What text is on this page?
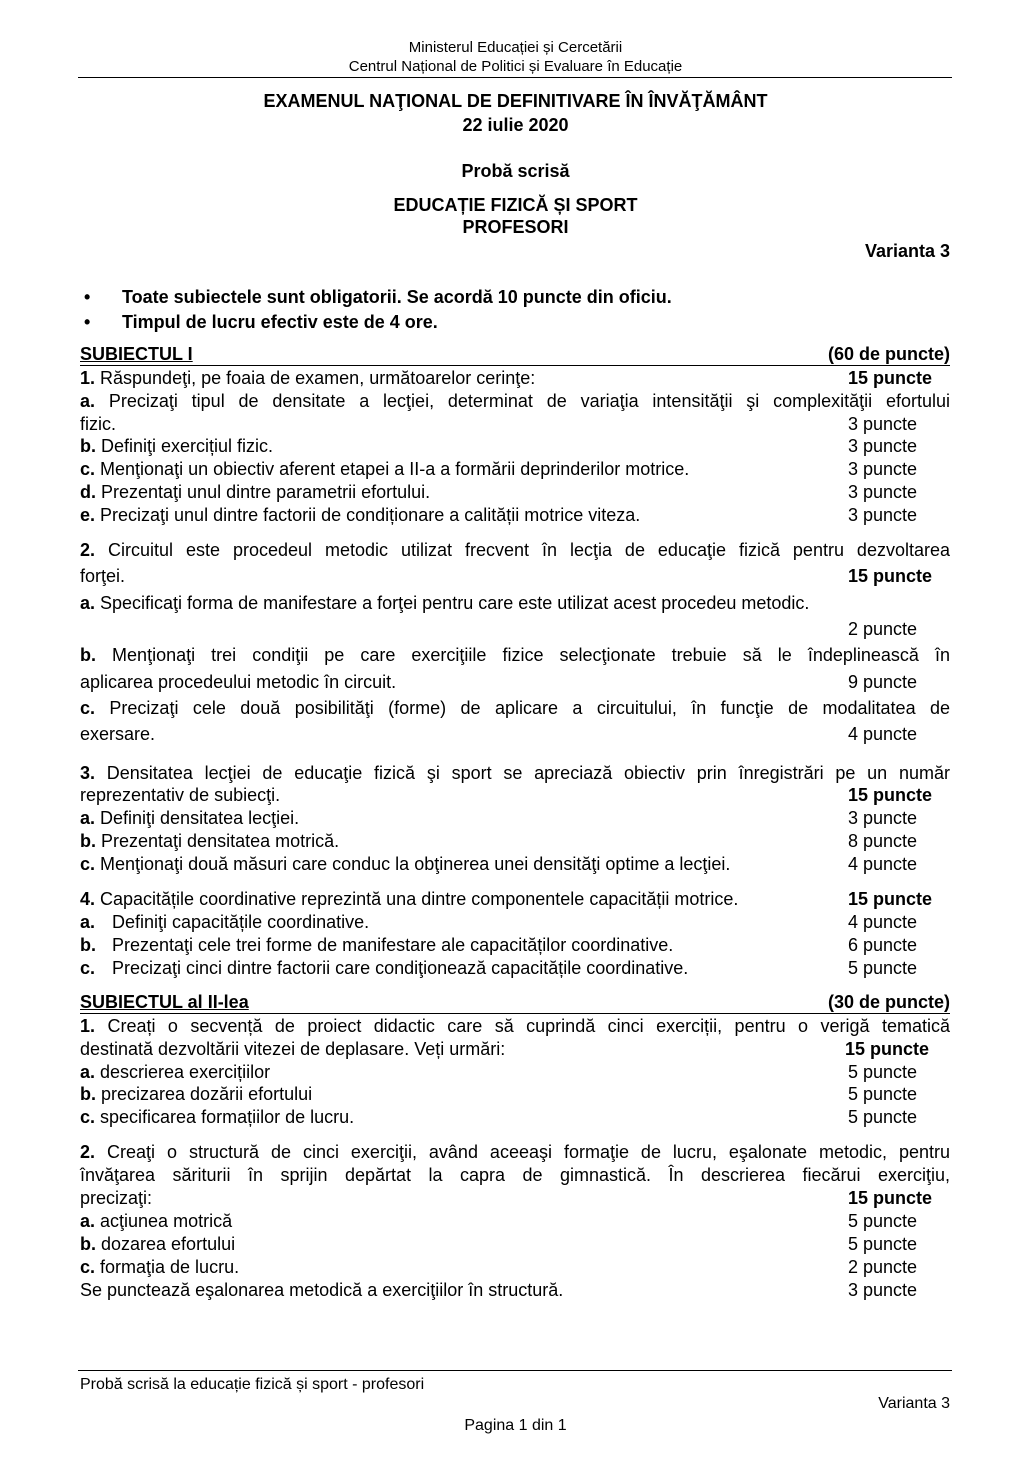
Ministerul Educației și Cercetării
Centrul Național de Politici și Evaluare în Educație
EXAMENUL NAŢIONAL DE DEFINITIVARE ÎN ÎNVĂŢĂMÂNT
22 iulie 2020
Probă scrisă
EDUCAȚIE FIZICĂ ȘI SPORT
PROFESORI
Varianta 3
• Toate subiectele sunt obligatorii. Se acordă 10 puncte din oficiu.
• Timpul de lucru efectiv este de 4 ore.
SUBIECTUL I	(60 de puncte)
1. Răspundeţi, pe foaia de examen, următoarelor cerinţe:	15 puncte
a. Precizaţi tipul de densitate a lecţiei, determinat de variaţia intensităţii şi complexităţii efortului
fizic.	3 puncte
b. Definiţi exercițiul fizic.	3 puncte
c. Menţionaţi un obiectiv aferent etapei a II-a a formării deprinderilor motrice.	3 puncte
d. Prezentaţi unul dintre parametrii efortului.	3 puncte
e. Precizaţi unul dintre factorii de condiționare a calității motrice viteza.	3 puncte
2. Circuitul este procedeul metodic utilizat frecvent în lecţia de educaţie fizică pentru dezvoltarea
forţei.	15 puncte
a. Specificaţi forma de manifestare a forţei pentru care este utilizat acest procedeu metodic.
2 puncte
b. Menţionaţi trei condiţii pe care exerciţiile fizice selecţionate trebuie să le îndeplinească în
aplicarea procedeului metodic în circuit.	9 puncte
c. Precizaţi cele două posibilităţi (forme) de aplicare a circuitului, în funcţie de modalitatea de
exersare.	4 puncte
3. Densitatea lecţiei de educaţie fizică şi sport se apreciază obiectiv prin înregistrări pe un număr
reprezentativ de subiecţi.	15 puncte
a. Definiţi densitatea lecţiei.	3 puncte
b. Prezentaţi densitatea motrică.	8 puncte
c. Menţionaţi două măsuri care conduc la obţinerea unei densităţi optime a lecţiei.	4 puncte
4. Capacitățile coordinative reprezintă una dintre componentele capacității motrice.	15 puncte
a. Definiţi capacitățile coordinative.	4 puncte
b. Prezentaţi cele trei forme de manifestare ale capacităților coordinative.	6 puncte
c. Precizaţi cinci dintre factorii care condiţionează capacitățile coordinative.	5 puncte
SUBIECTUL al II-lea	(30 de puncte)
1. Creați o secvență de proiect didactic care să cuprindă cinci exerciții, pentru o verigă tematică
destinată dezvoltării vitezei de deplasare. Veți urmări:	15 puncte
a. descrierea exercițiilor	5 puncte
b. precizarea dozării efortului	5 puncte
c. specificarea formațiilor de lucru.	5 puncte
2. Creaţi o structură de cinci exerciţii, având aceeaşi formaţie de lucru, eşalonate metodic, pentru
învăţarea săriturii în sprijin depărtat la capra de gimnastică. În descrierea fiecărui exerciţiu,
precizaţi:	15 puncte
a. acţiunea motrică	5 puncte
b. dozarea efortului	5 puncte
c. formaţia de lucru.	2 puncte
Se punctează eşalonarea metodică a exerciţiilor în structură.	3 puncte
Probă scrisă la educație fizică și sport - profesori
Varianta 3
Pagina 1 din 1
